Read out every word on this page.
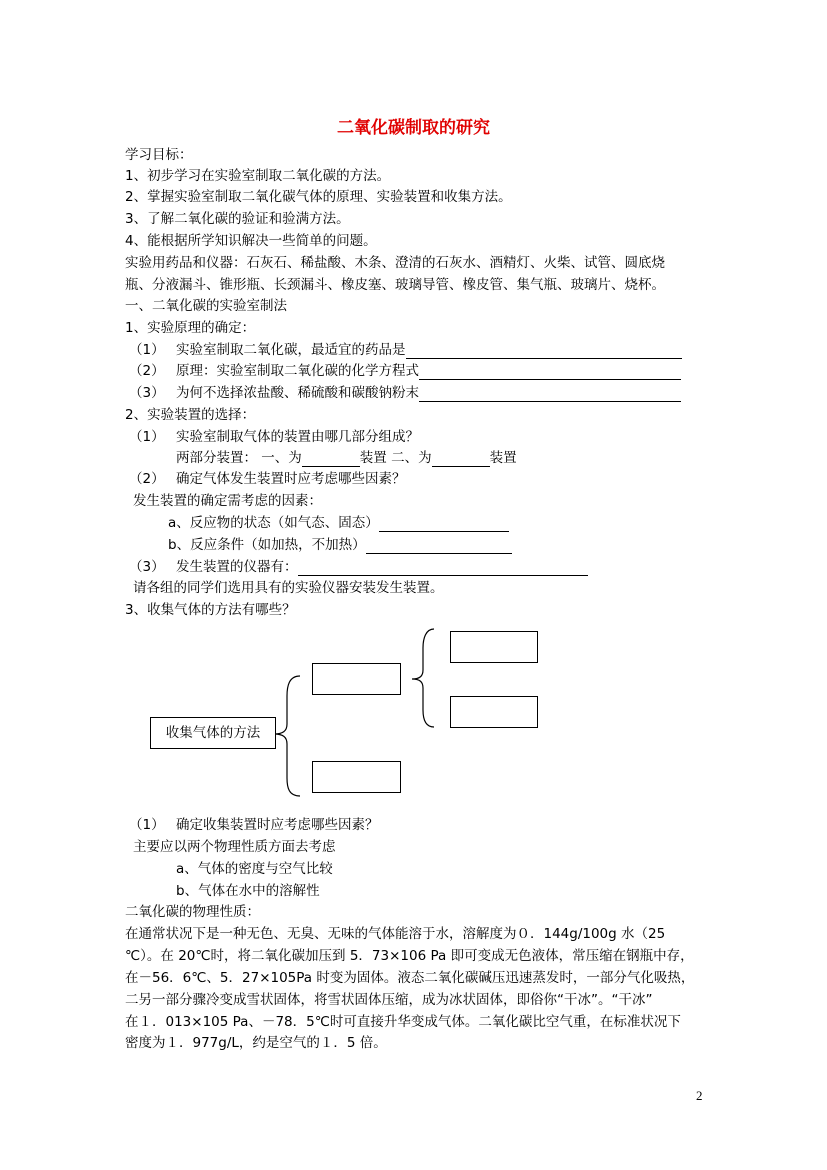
二氧化碳制取的研究
学习目标：
1、初步学习在实验室制取二氧化碳的方法。
2、掌握实验室制取二氧化碳气体的原理、实验装置和收集方法。
3、了解二氧化碳的验证和验满方法。
4、能根据所学知识解决一些简单的问题。
实验用药品和仪器：石灰石、稀盐酸、木条、澄清的石灰水、酒精灯、火柴、试管、圆底烧
瓶、分液漏斗、锥形瓶、长颈漏斗、橡皮塞、玻璃导管、橡皮管、集气瓶、玻璃片、烧杯。
一、二氧化碳的实验室制法
1、实验原理的确定：
（1） 实验室制取二氧化碳，最适宜的药品是
（2） 原理：实验室制取二氧化碳的化学方程式
（3） 为何不选择浓盐酸、稀硫酸和碳酸钠粉末
2、实验装置的选择：
（1） 实验室制取气体的装置由哪几部分组成？
两部分装置： 一、为	装置 二、为	装置
（2） 确定气体发生装置时应考虑哪些因素？
发生装置的确定需考虑的因素：
a、反应物的状态（如气态、固态）
b、反应条件（如加热，不加热）
（3） 发生装置的仪器有：
请各组的同学们选用具有的实验仪器安装发生装置。
3、收集气体的方法有哪些？
收集气体的方法
（1） 确定收集装置时应考虑哪些因素？
主要应以两个物理性质方面去考虑
a、气体的密度与空气比较
b、气体在水中的溶解性
二氧化碳的物理性质：
在通常状况下是一种无色、无臭、无味的气体能溶于水，溶解度为０．144g/100g 水（25
℃）。在 20℃时，将二氧化碳加压到 5．73×106 Pa 即可变成无色液体，常压缩在钢瓶中存，
在－56．6℃、5．27×105Pa 时变为固体。液态二氧化碳碱压迅速蒸发时，一部分气化吸热，
二另一部分骤冷变成雪状固体，将雪状固体压缩，成为冰状固体，即俗你“干冰”。“干冰”
在１．013×105 Pa、－78．5℃时可直接升华变成气体。二氧化碳比空气重，在标准状况下
密度为１．977g/L，约是空气的１．5 倍。
2
